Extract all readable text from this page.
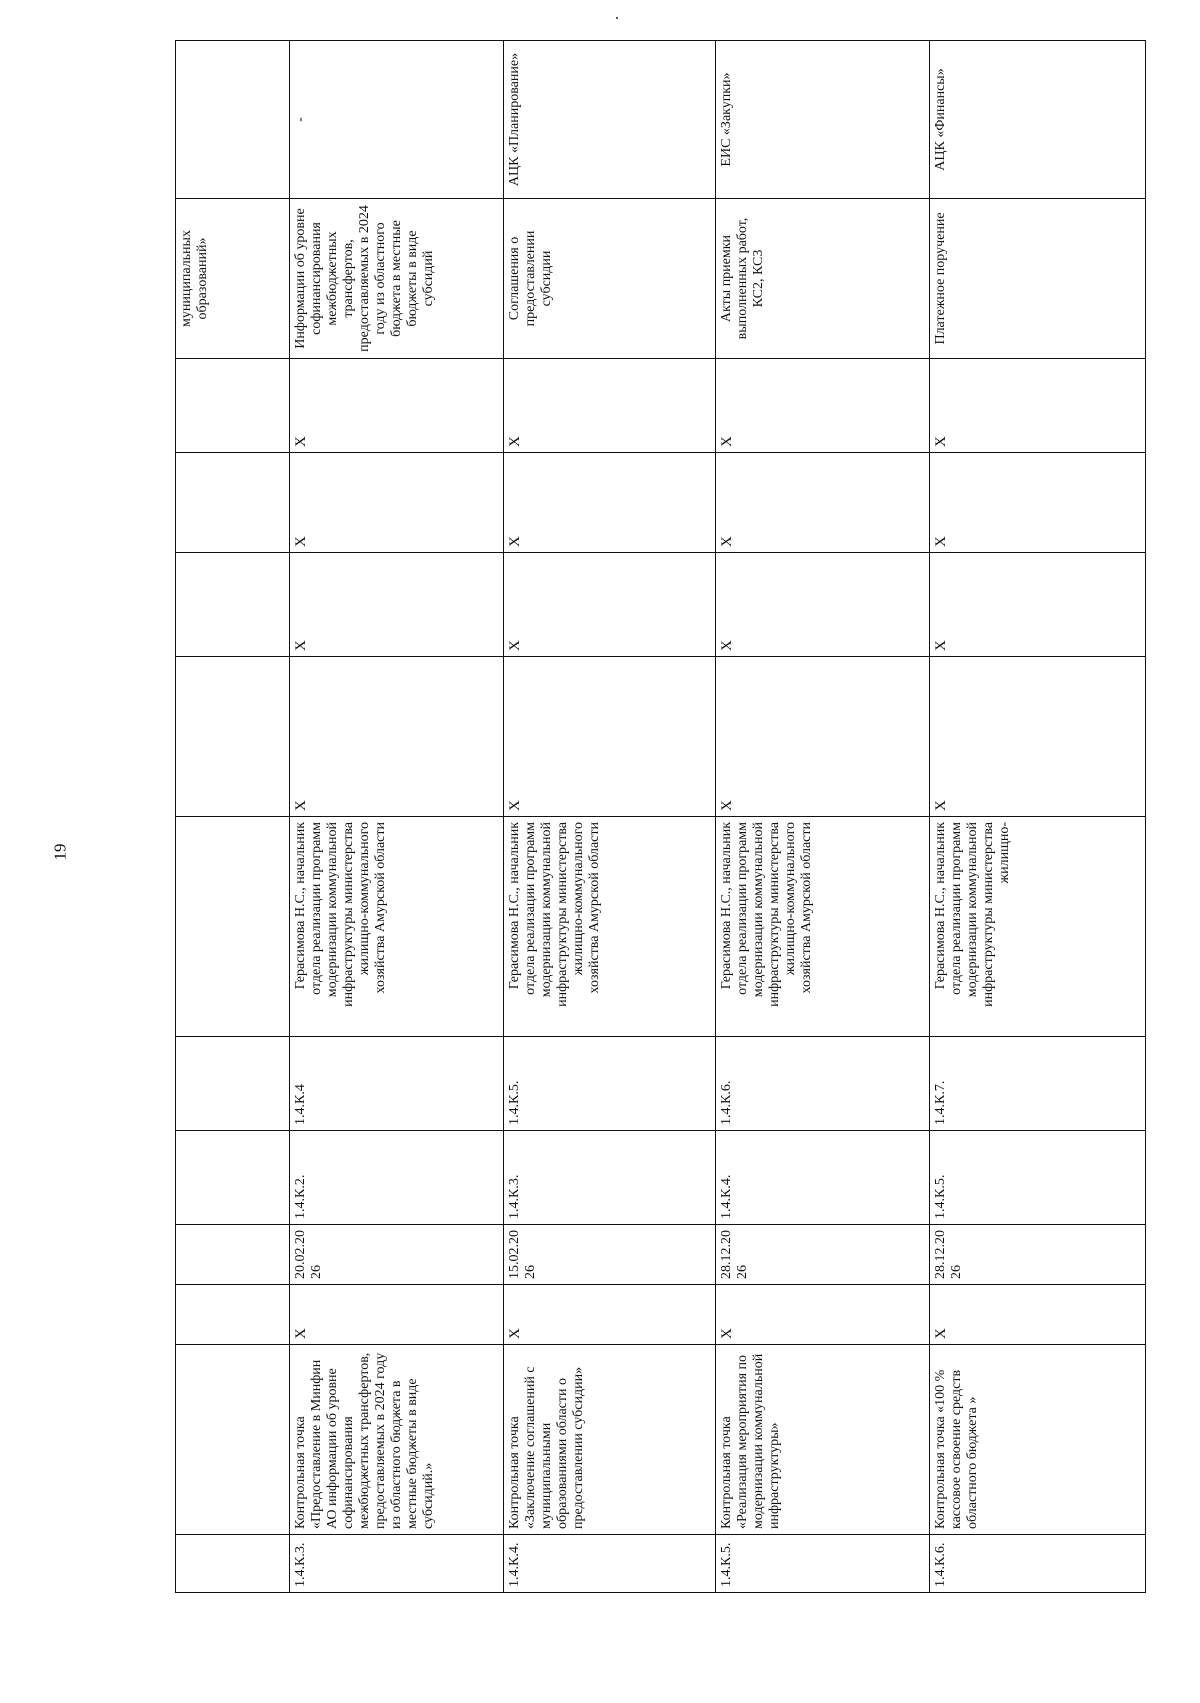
19
											муниципальных образований»	
1.4.К.3.	Контрольная точка «Предоставление в Минфин АО информации об уровне софинансирования межбюджетных трансфертов, предоставляемых в 2024 году из областного бюджета в местные бюджеты в виде субсидий.»	X	20.02.2026	1.4.К.2.	1.4.К.4	Герасимова Н.С., начальник отдела реализации программ модернизации коммунальной инфраструктуры министерства жилищно-коммунального хозяйства Амурской области	X	X	X	X	Информации об уровне софинансирования межбюджетных трансфертов, предоставляемых в 2024 году из областного бюджета в местные бюджеты в виде субсидий	-
1.4.К.4.	Контрольная точка «Заключение соглашений с муниципальными образованиями области о предоставлении субсидии»	X	15.02.2026	1.4.К.3.	1.4.К.5.	Герасимова Н.С., начальник отдела реализации программ модернизации коммунальной инфраструктуры министерства жилищно-коммунального хозяйства Амурской области	X	X	X	X	Соглашения о предоставлении субсидии	АЦК «Планирование»
1.4.К.5.	Контрольная точка «Реализация мероприятия по модернизации коммунальной инфраструктуры»	X	28.12.2026	1.4.К.4.	1.4.К.6.	Герасимова Н.С., начальник отдела реализации программ модернизации коммунальной инфраструктуры министерства жилищно-коммунального хозяйства Амурской области	X	X	X	X	Акты приемки выполненных работ, КС2, КС3	ЕИС «Закупки»
1.4.К.6.	Контрольная точка «100 % кассовое освоение средств областного бюджета »	X	28.12.2026	1.4.К.5.	1.4.К.7.	Герасимова Н.С., начальник отдела реализации программ модернизации коммунальной инфраструктуры министерства жилищно-	X	X	X	X	Платежное поручение	АЦК «Финансы»
